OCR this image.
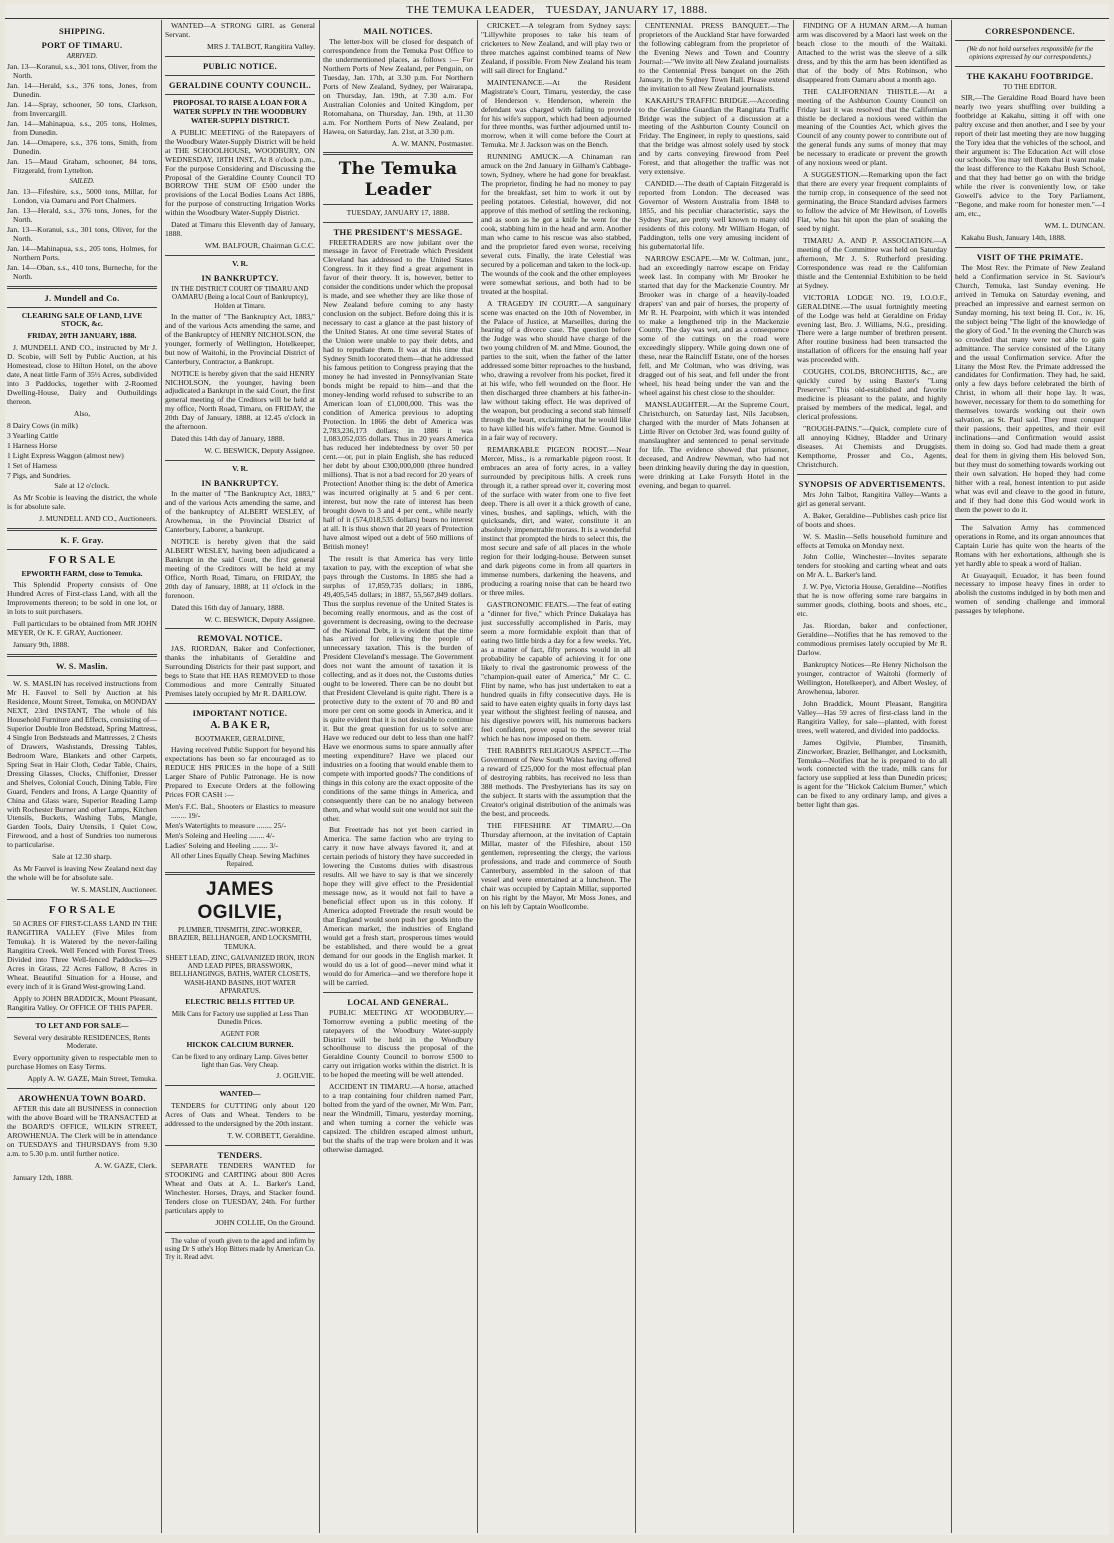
THE TEMUKA LEADER, TUESDAY, JANUARY 17, 1888.
SHIPPING.
PORT OF TIMARU.

ARRIVED.

Jan. 13—Koranui, s.s., 301 tons, Oliver, from the North.

Jan. 14—Herald, s.s., 376 tons, Jones, from Dunedin.

Jan. 14—Spray, schooner, 50 tons, Clarkson, from Invercargill.

Jan. 14—Mahinapua, s.s., 205 tons, Holmes, from Dunedin.

Jan. 14—Omapere, s.s., 376 tons, Smith, from Dunedin.

Jan. 15—Maud Graham, schooner, 84 tons, Fitzgerald, from Lyttelton.

SAILED.

Jan. 13—Fifeshire, s.s., 5000 tons, Millar, for London, via Oamaru and Port Chalmers.

Jan. 13—Herald, s.s., 376 tons, Jones, for the North.

Jan. 13—Koranui, s.s., 301 tons, Oliver, for the North.

Jan. 14—Mahinapua, s.s., 205 tons, Holmes, for Northern Ports.

Jan. 14—Oban, s.s., 410 tons, Burneche, for the North.

J. Mundell and Co.

CLEARING SALE OF LAND, LIVE STOCK, &c.

FRIDAY, 20TH JANUARY, 1888.

J. MUNDELL AND CO., instructed by Mr J. D. Scobie, will Sell by Public Auction, at his Homestead, close to Hilton Hotel, on the above date, A neat little Farm of 35½ Acres, subdivided into 3 Paddocks, together with 2-Roomed Dwelling-House, Dairy and Outbuildings thereon.

Also,

8 Dairy Cows (in milk)

3 Yearling Cattle

1 Harness Horse

1 Light Express Waggon (almost new)

1 Set of Harness

7 Pigs, and Sundries.

Sale at 12 o'clock.

As Mr Scobie is leaving the district, the whole is for absolute sale.

J. MUNDELL AND CO., Auctioneers.

K. F. Gray.

F O R S A L E

EPWORTH FARM, close to Temuka.

This Splendid Property consists of One Hundred Acres of First-class Land, with all the Improvements thereon; to be sold in one lot, or in lots to suit purchasers.

Full particulars to be obtained from MR JOHN MEYER, Or K. F. GRAY, Auctioneer.

January 9th, 1888.

W. S. Maslin.

W. S. MASLIN has received instructions from Mr H. Fauvel to Sell by Auction at his Residence, Mount Street, Temuka, on MONDAY NEXT, 23rd INSTANT, The whole of his Household Furniture and Effects, consisting of—Superior Double Iron Bedstead, Spring Mattress, 4 Single Iron Bedsteads and Mattresses, 2 Chests of Drawers, Washstands, Dressing Tables, Bedroom Ware, Blankets and other Carpets, Spring Seat in Hair Cloth, Cedar Table, Chairs, Dressing Glasses, Clocks, Chiffonier, Dresser and Shelves, Colonial Couch, Dining Table, Fire Guard, Fenders and Irons, A Large Quantity of China and Glass ware, Superior Reading Lamp with Rochester Burner and other Lamps, Kitchen Utensils, Buckets, Washing Tubs, Mangle, Garden Tools, Dairy Utensils, 1 Quiet Cow, Firewood, and a host of Sundries too numerous to particularise.

Sale at 12.30 sharp.

As Mr Fauvel is leaving New Zealand next day the whole will be for absolute sale.

W. S. MASLIN, Auctioneer.

F O R S A L E

50 ACRES OF FIRST-CLASS LAND IN THE RANGITIRA VALLEY (Five Miles from Temuka). It is Watered by the never-failing Rangitira Creek. Well Fenced with Forest Trees. Divided into Three Well-fenced Paddocks—29 Acres in Grass, 22 Acres Fallow, 8 Acres in Wheat. Beautiful Situation for a House, and every inch of it is Grand West-growing Land.

Apply to JOHN BRADDICK, Mount Pleasant, Rangitira Valley. Or OFFICE OF THIS PAPER.

TO LET AND FOR SALE—

Several very desirable RESIDENCES, Rents Moderate.

Every opportunity given to respectable men to purchase Homes on Easy Terms.

Apply A. W. GAZE, Main Street, Temuka.

AROWHENUA TOWN BOARD.

AFTER this date all BUSINESS in connection with the above Board will be TRANSACTED at the BOARD'S OFFICE, WILKIN STREET, AROWHENUA. The Clerk will be in attendance on TUESDAYS and THURSDAYS from 9.30 a.m. to 5.30 p.m. until further notice.

A. W. GAZE, Clerk.

January 12th, 1888.

WANTED—A STRONG GIRL as General Servant.

MRS J. TALBOT, Rangitira Valley.

PUBLIC NOTICE.
GERALDINE COUNTY COUNCIL.

PROPOSAL TO RAISE A LOAN FOR A WATER SUPPLY IN THE WOODBURY WATER-SUPPLY DISTRICT.

A PUBLIC MEETING of the Ratepayers of the Woodbury Water-Supply District will be held at THE SCHOOLHOUSE, WOODBURY, ON WEDNESDAY, 18TH INST., At 8 o'clock p.m., For the purpose Considering and Discussing the Proposal of the Geraldine County Council TO BORROW THE SUM OF £500 under the provisions of the Local Bodies Loans Act 1886, for the purpose of constructing Irrigation Works within the Woodbury Water-Supply District.

Dated at Timaru this Eleventh day of January, 1888.

WM. BALFOUR, Chairman G.C.C.

V. R.

IN BANKRUPTCY.

IN THE DISTRICT COURT OF TIMARU AND OAMARU (Being a local Court of Bankruptcy), Holden at Timaru.

In the matter of "The Bankruptcy Act, 1883," and of the various Acts amending the same, and of the Bankruptcy of HENRY NICHOLSON, the younger, formerly of Wellington, Hotelkeeper, but now of Waitohi, in the Provincial District of Canterbury, Contractor, a Bankrupt.

NOTICE is hereby given that the said HENRY NICHOLSON, the younger, having been adjudicated a Bankrupt in the said Court, the first general meeting of the Creditors will be held at my office, North Road, Timaru, on FRIDAY, the 20th Day of January, 1888, at 12.45 o'clock in the afternoon.

Dated this 14th day of January, 1888.

W. C. BESWICK, Deputy Assignee.

V. R.

IN BANKRUPTCY.

In the matter of "The Bankruptcy Act, 1883," and of the various Acts amending the same, and of the bankruptcy of ALBERT WESLEY, of Arowhenua, in the Provincial District of Canterbury, Laborer, a bankrupt.

NOTICE is hereby given that the said ALBERT WESLEY, having been adjudicated a Bankrupt in the said Court, the first general meeting of the Creditors will be held at my Office, North Road, Timaru, on FRIDAY, the 20th day of January, 1888, at 11 o'clock in the forenoon.

Dated this 16th day of January, 1888.

W. C. BESWICK, Deputy Assignee.

REMOVAL NOTICE.

JAS. RIORDAN, Baker and Confectioner, thanks the inhabitants of Geraldine and Surrounding Districts for their past support, and begs to State that HE HAS REMOVED to those Commodious and more Centrally Situated Premises lately occupied by Mr R. DARLOW.

IMPORTANT NOTICE.

A. B A K E R,

BOOTMAKER, GERALDINE,

Having received Public Support for beyond his expectations has been so far encouraged as to REDUCE HIS PRICES in the hope of a Still Larger Share of Public Patronage. He is now Prepared to Execute Orders at the following Prices FOR CASH :—

Men's F.C. Bal., Shooters or Elastics to measure ........ 19/-

Men's Watertights to measure ........ 25/-

Men's Soleing and Heeling ........ 4/-

Ladies' Soleing and Heeling ........ 3/-

All other Lines Equally Cheap. Sewing Machines Repaired.

JAMES OGILVIE,

PLUMBER, TINSMITH, ZINC-WORKER, BRAZIER, BELLHANGER, AND LOCKSMITH, TEMUKA.

SHEET LEAD, ZINC, GALVANIZED IRON, IRON AND LEAD PIPES, BRASSWORK, BELLHANGINGS, BATHS, WATER CLOSETS, WASH-HAND BASINS, HOT WATER APPARATUS.

ELECTRIC BELLS FITTED UP.

Milk Cans for Factory use supplied at Less Than Dunedin Prices.

AGENT FOR

HICKOK CALCIUM BURNER.

Can be fixed to any ordinary Lamp. Gives better light than Gas. Very Cheap.

J. OGILVIE.

WANTED—

TENDERS for CUTTING only about 120 Acres of Oats and Wheat. Tenders to be addressed to the undersigned by the 20th instant.

T. W. CORBETT, Geraldine.

TENDERS.

SEPARATE TENDERS WANTED for STOOKING and CARTING about 800 Acres Wheat and Oats at A. L. Barker's Land, Winchester. Horses, Drays, and Stacker found. Tenders close on TUESDAY, 24th. For further particulars apply to

JOHN COLLIE, On the Ground.

The value of youth given to the aged and infirm by using Dr S uthe's Hop Bitters made by American Co. Try it. Read advt.

MAIL NOTICES.

The letter-box will be closed for despatch of correspondence from the Temuka Post Office to the undermentioned places, as follows :— For Northern Ports of New Zealand, per Penguin, on Tuesday, Jan. 17th, at 3.30 p.m. For Northern Ports of New Zealand, Sydney, per Wairarapa, on Thursday, Jan. 19th, at 7.30 a.m. For Australian Colonies and United Kingdom, per Rotomahana, on Thursday, Jan. 19th, at 11.30 a.m. For Northern Ports of New Zealand, per Hawea, on Saturday, Jan. 21st, at 3.30 p.m.

A. W. MANN, Postmaster.

The Temuka Leader

TUESDAY, JANUARY 17, 1888.

THE PRESIDENT'S MESSAGE.

FREETRADERS are now jubilant over the message in favor of Freetrade which President Cleveland has addressed to the United States Congress. In it they find a great argument in favor of their theory. It is, however, better to consider the conditions under which the proposal is made, and see whether they are like those of New Zealand before coming to any hasty conclusion on the subject. Before doing this it is necessary to cast a glance at the past history of the United States. At one time several States of the Union were unable to pay their debts, and had to repudiate them. It was at this time that Sydney Smith locorated them—that he addressed his famous petition to Congress praying that the money he had invested in Pennsylvanian State bonds might be repaid to him—and that the money-lending world refused to subscribe to an American loan of £1,000,000. This was the condition of America previous to adopting Protection. In 1866 the debt of America was 2,783,236,173 dollars; in 1886 it was 1,083,052,035 dollars. Thus in 20 years America has reduced her indebtedness by over 50 per cent.—or, put in plain English, she has reduced her debt by about £300,000,000 (three hundred millions). That is not a bad record for 20 years of Protection! Another thing is: the debt of America was incurred originally at 5 and 6 per cent. interest, but now the rate of interest has been brought down to 3 and 4 per cent., while nearly half of it (574,018,535 dollars) bears no interest at all. It is thus shown that 20 years of Protection have almost wiped out a debt of 560 millions of British money!

The result is that America has very little taxation to pay, with the exception of what she pays through the Customs. In 1885 she had a surplus of 17,859,735 dollars; in 1886, 49,405,545 dollars; in 1887, 55,567,849 dollars. Thus the surplus revenue of the United States is becoming really enormous, and as the cost of government is decreasing, owing to the decrease of the National Debt, it is evident that the time has arrived for relieving the people of unnecessary taxation. This is the burden of President Cleveland's message. The Government does not want the amount of taxation it is collecting, and as it does not, the Customs duties ought to be lowered. There can be no doubt but that President Cleveland is quite right. There is a protective duty to the extent of 70 and 80 and more per cent on some goods in America, and it is quite evident that it is not desirable to continue it. But the great question for us to solve are: Have we reduced our debt to less than one half? Have we enormous sums to spare annually after meeting expenditure? Have we placed our industries on a footing that would enable them to compete with imported goods? The conditions of things in this colony are the exact opposite of the conditions of the same things in America, and consequently there can be no analogy between them, and what would suit one would not suit the other.

But Freetrade has not yet been carried in America. The same faction who are trying to carry it now have always favored it, and at certain periods of history they have succeeded in lowering the Customs duties with disastrous results. All we have to say is that we sincerely hope they will give effect to the Presidential message now, as it would not fail to have a beneficial effect upon us in this colony. If America adopted Freetrade the result would be that England would soon push her goods into the American market, the industries of England would get a fresh start, prosperous times would be established, and there would be a great demand for our goods in the English market. It would do us a lot of good—never mind what it would do for America—and we therefore hope it will be carried.

LOCAL AND GENERAL.

PUBLIC MEETING AT WOODBURY.—Tomorrow evening a public meeting of the ratepayers of the Woodbury Water-supply District will be held in the Woodbury schoolhouse to discuss the proposal of the Geraldine County Council to borrow £500 to carry out irrigation works within the district. It is to be hoped the meeting will be well attended.

ACCIDENT IN TIMARU.—A horse, attached to a trap containing four children named Parr, bolted from the yard of the owner, Mr Wm. Parr, near the Windmill, Timaru, yesterday morning, and when turning a corner the vehicle was capsized. The children escaped almost unhurt, but the shafts of the trap were broken and it was otherwise damaged.

CRICKET.—A telegram from Sydney says: "Lillywhite proposes to take his team of cricketers to New Zealand, and will play two or three matches against combined teams of New Zealand, if possible. From New Zealand his team will sail direct for England."

MAINTENANCE.—At the Resident Magistrate's Court, Timaru, yesterday, the case of Henderson v. Henderson, wherein the defendant was charged with failing to provide for his wife's support, which had been adjourned for three months, was further adjourned until to-morrow, when it will come before the Court at Temuka. Mr J. Jackson was on the Bench.

RUNNING AMUCK.—A Chinaman ran amuck on the 2nd January in Gilham's Cabbage-town, Sydney, where he had gone for breakfast. The proprietor, finding he had no money to pay for the breakfast, set him to work it out by peeling potatoes. Celestial, however, did not approve of this method of settling the reckoning, and as soon as he got a knife he went for the cook, stabbing him in the head and arm. Another man who came to his rescue was also stabbed, and the proprietor fared even worse, receiving several cuts. Finally, the irate Celestial was secured by a policeman and taken to the lock-up. The wounds of the cook and the other employees were somewhat serious, and both had to be treated at the hospital.

A TRAGEDY IN COURT.—A sanguinary scene was enacted on the 10th of November, in the Palace of Justice, at Marseilles, during the hearing of a divorce case. The question before the Judge was who should have charge of the two young children of M. and Mme. Gounod, the parties to the suit, when the father of the latter addressed some bitter reproaches to the husband, who, drawing a revolver from his pocket, fired it at his wife, who fell wounded on the floor. He then discharged three chambers at his father-in-law without taking effect. He was deprived of the weapon, but producing a second stab himself through the heart, exclaiming that he would like to have killed his wife's father. Mme. Gounod is in a fair way of recovery.

REMARKABLE PIGEON ROOST.—Near Mercer, Miss., is a remarkable pigeon roost. It embraces an area of forty acres, in a valley surrounded by precipitous hills. A creek runs through it, a rather spread over it, covering most of the surface with water from one to five feet deep. There is all over it a thick growth of cane, vines, bushes, and saplings, which, with the quicksands, dirt, and water, constitute it an absolutely impenetrable morass. It is a wonderful instinct that prompted the birds to select this, the most secure and safe of all places in the whole region for their lodging-house. Between sunset and dark pigeons come in from all quarters in immense numbers, darkening the heavens, and producing a roaring noise that can be heard two or three miles.

GASTRONOMIC FEATS.—The feat of eating a "dinner for five," which Prince Dakalaya has just successfully accomplished in Paris, may seem a more formidable exploit than that of eating two little birds a day for a few weeks. Yet, as a matter of fact, fifty persons would in all probability be capable of achieving it for one likely to rival the gastronomic prowess of the "champion-quail eater of America," Mr C. C. Flint by name, who has just undertaken to eat a hundred quails in fifty consecutive days. He is said to have eaten eighty quails in forty days last year without the slightest feeling of nausea, and his digestive powers will, his numerous backers feel confident, prove equal to the severer trial which he has now imposed on them.

THE RABBITS RELIGIOUS ASPECT.—The Government of New South Wales having offered a reward of £25,000 for the most effectual plan of destroying rabbits, has received no less than 388 methods. The Presbyterians has its say on the subject. It starts with the assumption that the Creator's original distribution of the animals was the best, and proceeds.

THE FIFESHIRE AT TIMARU.—On Thursday afternoon, at the invitation of Captain Millar, master of the Fifeshire, about 150 gentlemen, representing the clergy, the various professions, and trade and commerce of South Canterbury, assembled in the saloon of that vessel and were entertained at a luncheon. The chair was occupied by Captain Millar, supported on his right by the Mayor, Mr Moss Jones, and on his left by Captain Woollcombe.

CENTENNIAL PRESS BANQUET.—The proprietors of the Auckland Star have forwarded the following cablegram from the proprietor of the Evening News and Town and Country Journal:—"We invite all New Zealand journalists to the Centennial Press banquet on the 26th January, in the Sydney Town Hall. Please extend the invitation to all New Zealand journalists.

KAKAHU'S TRAFFIC BRIDGE.—According to the Geraldine Guardian the Rangitata Traffic Bridge was the subject of a discussion at a meeting of the Ashburton County Council on Friday. The Engineer, in reply to questions, said that the bridge was almost solely used by stock and by carts conveying firewood from Peel Forest, and that altogether the traffic was not very extensive.

CANDID.—The death of Captain Fitzgerald is reported from London. The deceased was Governor of Western Australia from 1848 to 1855, and his peculiar characteristic, says the Sydney Star, are pretty well known to many old residents of this colony. Mr William Hogan, of Paddington, tells one very amusing incident of his gubernatorial life.

NARROW ESCAPE.—Mr W. Coltman, junr., had an exceedingly narrow escape on Friday week last. In company with Mr Brooker he started that day for the Mackenzie Country. Mr Brooker was in charge of a heavily-loaded drapers' van and pair of horses, the property of Mr R. H. Pearpoint, with which it was intended to make a lengthened trip in the Mackenzie County. The day was wet, and as a consequence some of the cuttings on the road were exceedingly slippery. While going down one of these, near the Raincliff Estate, one of the horses fell, and Mr Coltman, who was driving, was dragged out of his seat, and fell under the front wheel, his head being under the van and the wheel against his chest close to the shoulder.

MANSLAUGHTER.—At the Supreme Court, Christchurch, on Saturday last, Nils Jacobsen, charged with the murder of Mats Johansen at Little River on October 3rd, was found guilty of manslaughter and sentenced to penal servitude for life. The evidence showed that prisoner, deceased, and Andrew Newman, who had not been drinking heavily during the day in question, were drinking at Lake Forsyth Hotel in the evening, and began to quarrel.

FINDING OF A HUMAN ARM.—A human arm was discovered by a Maori last week on the beach close to the mouth of the Waitaki. Attached to the wrist was the sleeve of a silk dress, and by this the arm has been identified as that of the body of Mrs Robinson, who disappeared from Oamaru about a month ago.

THE CALIFORNIAN THISTLE.—At a meeting of the Ashburton County Council on Friday last it was resolved that the Californian thistle be declared a noxious weed within the meaning of the Counties Act, which gives the Council of any county power to contribute out of the general funds any sums of money that may be necessary to eradicate or prevent the growth of any noxious weed or plant.

A SUGGESTION.—Remarking upon the fact that there are every year frequent complaints of the turnip crop, in consequence of the seed not germinating, the Bruce Standard advises farmers to follow the advice of Mr Hewitson, of Lovells Flat, who has hit upon the plan of soaking the seed by night.

TIMARU A. AND P. ASSOCIATION.—A meeting of the Committee was held on Saturday afternoon, Mr J. S. Rutherford presiding. Correspondence was read re the Californian thistle and the Centennial Exhibition to be held at Sydney.

VICTORIA LODGE NO. 19, I.O.O.F., GERALDINE.—The usual fortnightly meeting of the Lodge was held at Geraldine on Friday evening last, Bro. J. Williams, N.G., presiding. There were a large number of brethren present. After routine business had been transacted the installation of officers for the ensuing half year was proceeded with.

COUGHS, COLDS, BRONCHITIS, &c., are quickly cured by using Baxter's "Lung Preserver." This old-established and favorite medicine is pleasant to the palate, and highly praised by members of the medical, legal, and clerical professions.

"ROUGH-PAINS."—Quick, complete cure of all annoying Kidney, Bladder and Urinary diseases. At Chemists and Druggists. Kempthorne, Prosser and Co., Agents, Christchurch.

SYNOPSIS OF ADVERTISEMENTS.

Mrs John Talbot, Rangitira Valley—Wants a girl as general servant.

A. Baker, Geraldine—Publishes cash price list of boots and shoes.

W. S. Maslin—Sells household furniture and effects at Temuka on Monday next.

John Collie, Winchester—Invites separate tenders for stooking and carting wheat and oats on Mr A. L. Barker's land.

J. W. Pye, Victoria House, Geraldine—Notifies that he is now offering some rare bargains in summer goods, clothing, boots and shoes, etc., etc.

Jas. Riordan, baker and confectioner, Geraldine—Notifies that he has removed to the commodious premises lately occupied by Mr R. Darlow.

Bankruptcy Notices—Re Henry Nicholson the younger, contractor of Waitohi (formerly of Wellington, Hotelkeeper), and Albert Wesley, of Arowhenua, laborer.

John Braddick, Mount Pleasant, Rangitira Valley—Has 59 acres of first-class land in the Rangitira Valley, for sale—planted, with forest trees, well watered, and divided into paddocks.

James Ogilvie, Plumber, Tinsmith, Zincworker, Brazier, Bellhanger, and Locksmith, Temuka—Notifies that he is prepared to do all work connected with the trade, milk cans for factory use supplied at less than Dunedin prices; is agent for the "Hickok Calcium Burner," which can be fixed to any ordinary lamp, and gives a better light than gas.

CORRESPONDENCE.

(We do not hold ourselves responsible for the opinions expressed by our correspondents.)

THE KAKAHU FOOTBRIDGE.

TO THE EDITOR.

SIR,—The Geraldine Road Board have been nearly two years shuffling over building a footbridge at Kakahu, sitting it off with one paltry excuse and then another, and I see by your report of their last meeting they are now hugging the Tory idea that the vehicles of the school, and their argument is: The Education Act will close our schools. You may tell them that it want make the least difference to the Kakahu Bush School, and that they had better go on with the bridge while the river is conveniently low, or take Gowell's advice to the Tory Parliament, "Begone, and make room for honester men."—I am, etc.,

WM. L. DUNCAN.

Kakahu Bush, January 14th, 1888.

VISIT OF THE PRIMATE.

The Most Rev. the Primate of New Zealand held a Confirmation service in St. Saviour's Church, Temuka, last Sunday evening. He arrived in Temuka on Saturday evening, and preached an impressive and earnest sermon on Sunday morning, his text being II. Cor., iv. 16, the subject being "The light of the knowledge of the glory of God." In the evening the Church was so crowded that many were not able to gain admittance. The service consisted of the Litany and the usual Confirmation service. After the Litany the Most Rev. the Primate addressed the candidates for Confirmation. They had, he said, only a few days before celebrated the birth of Christ, in whom all their hope lay. It was, however, necessary for them to do something for themselves towards working out their own salvation, as St. Paul said. They must conquer their passions, their appetites, and their evil inclinations—and Confirmation would assist them in doing so. God had made them a great deal for them in giving them His beloved Son, but they must do something towards working out their own salvation. He hoped they had come hither with a real, honest intention to put aside what was evil and cleave to the good in future, and if they had done this God would work in them the power to do it.

The Salvation Army has commenced operations in Rome, and its organ announces that Captain Lurie has quite won the hearts of the Romans with her exhortations, although she is yet hardly able to speak a word of Italian.

At Guayaquil, Ecuador, it has been found necessary to impose heavy fines in order to abolish the customs indulged in by both men and women of sending challenge and immoral passages by telephone.
